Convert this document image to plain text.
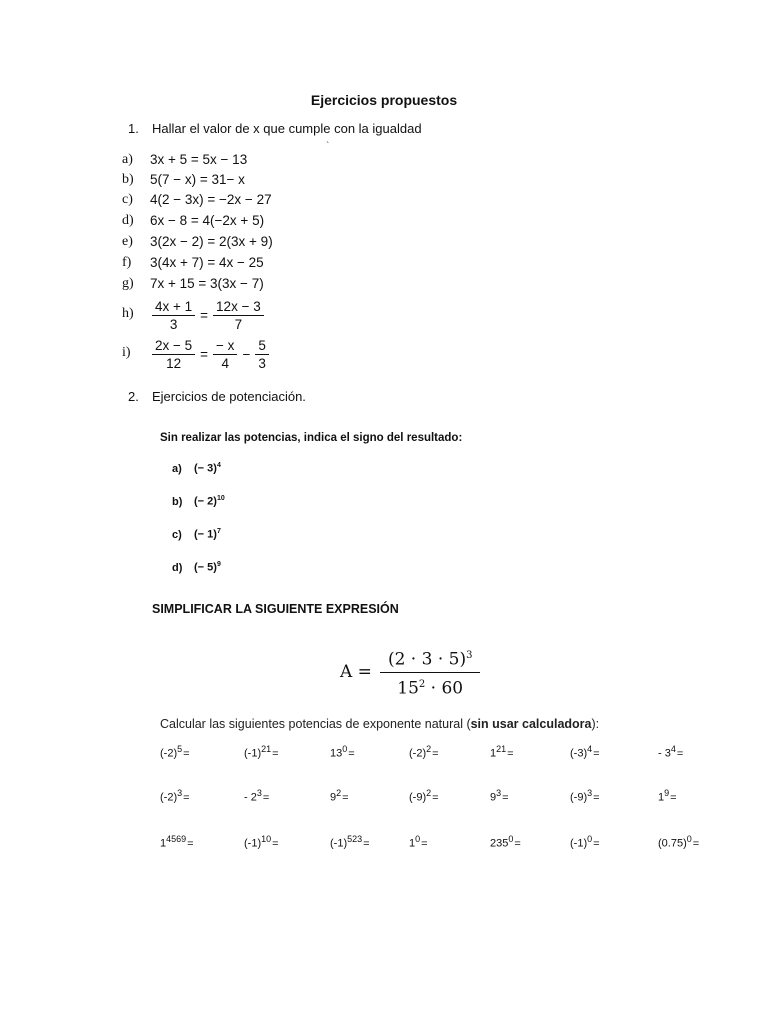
Ejercicios propuestos
1. Hallar el valor de x que cumple con la igualdad
`
a) 3x + 5 = 5x − 13
b) 5(7 − x) = 31− x
c) 4(2 − 3x) = −2x − 27
d) 6x − 8 = 4(−2x + 5)
e) 3(2x − 2) = 2(3x + 9)
f) 3(4x + 7) = 4x − 25
g) 7x + 15 = 3(3x − 7)
$h) \frac{4x + 1}{3} = \frac{12x - 3}{7}$
$i) \frac{2x - 5}{12} = \frac{- x}{4} - \frac{5}{3}$
2. Ejercicios de potenciación.
Sin realizar las potencias, indica el signo del resultado:
a) (− 3)$^4$
b) (− 2)$^{10}$
c) (− 1)$^7$
d) (− 5)$^9$
SIMPLIFICAR LA SIGUIENTE EXPRESIÓN
$A = \frac{(2 \cdot 3 \cdot 5)^3}{15^2 \cdot 60}$
Calcular las siguientes potencias de exponente natural (sin usar calculadora):
$(-2)^5=$	$(-1)^{21}=$	$13^0=$	$(-2)^2=$	$1^{21}=$	$(-3)^4=$	- $3^4=$
$(-2)^3=$	- $2^3=$	$9^2=$	$(-9)^2=$	$9^3=$	$(-9)^3=$	$1^9=$
$1^{4569}=$	$(-1)^{10}=$	$(-1)^{523}=$	$1^0=$	$235^0=$	$(-1)^0=$	$(0.75)^0=$
